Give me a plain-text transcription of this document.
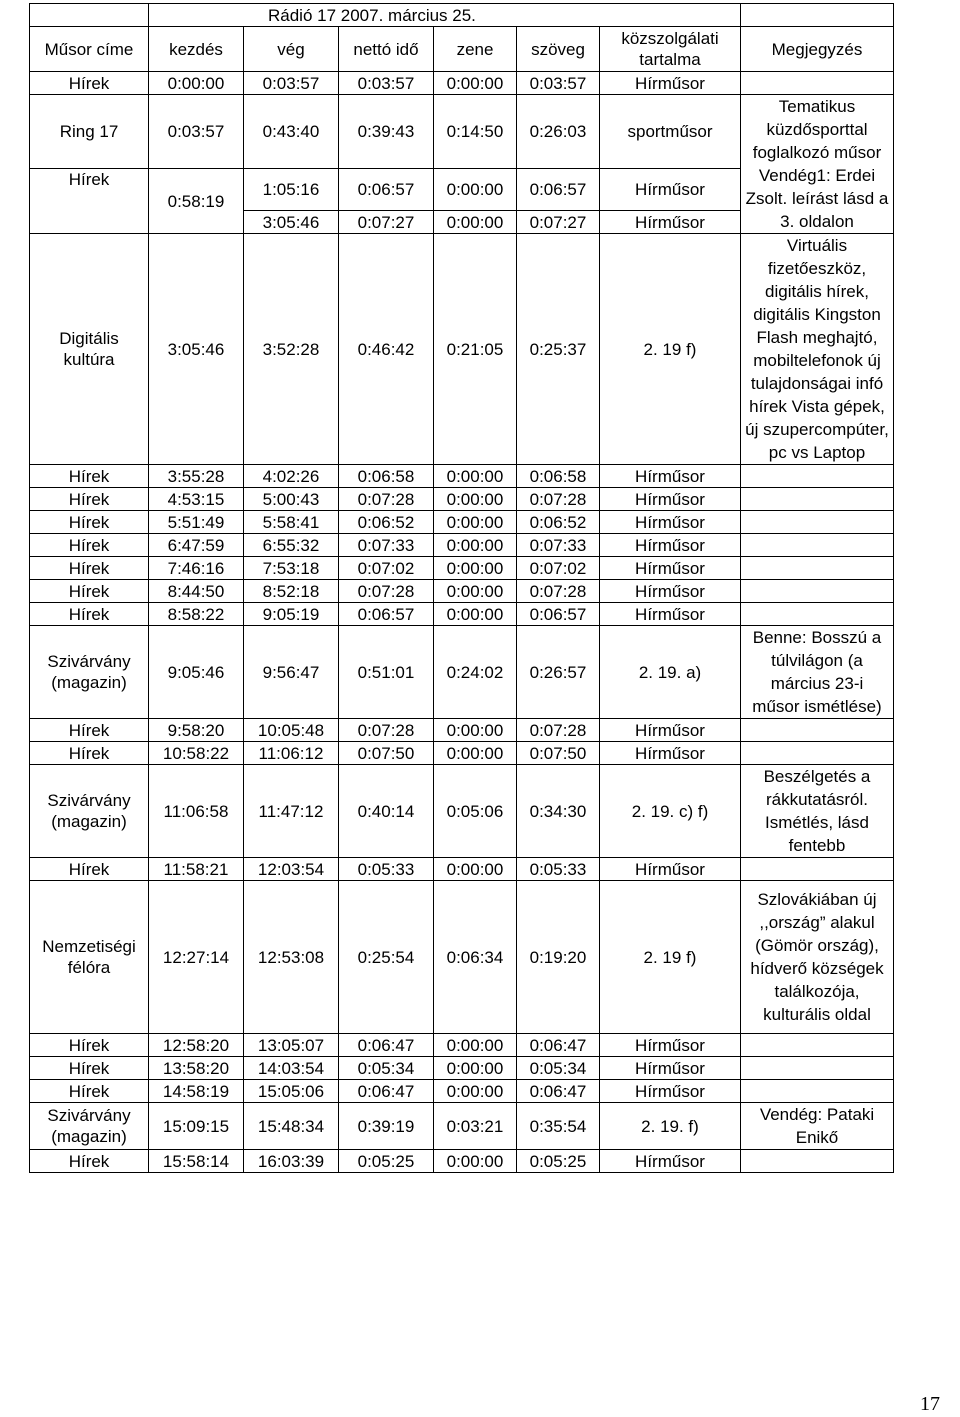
	Rádió 17 2007. március 25.						
Műsor címe	kezdés	vég	nettó idő	zene	szöveg	közszolgálati tartalma	Megjegyzés
Hírek	0:00:00	0:03:57	0:03:57	0:00:00	0:03:57	Hírműsor	
Ring 17	0:03:57	0:43:40	0:39:43	0:14:50	0:26:03	sportműsor	Tematikus küzdősporttal foglalkozó műsor Vendég1: Erdei Zsolt. leírást lásd a 3. oldalon
Hírek	0:58:19	1:05:16	0:06:57	0:00:00	0:06:57	Hírműsor	
		3:05:46	0:07:27	0:00:00	0:07:27	Hírműsor	
Digitális kultúra	3:05:46	3:52:28	0:46:42	0:21:05	0:25:37	2. 19 f)	Virtuális fizetőeszköz, digitális hírek, digitális Kingston Flash meghajtó, mobiltelefonok új tulajdonságai infó hírek Vista gépek, új szupercompúter, pc vs Laptop
Hírek	3:55:28	4:02:26	0:06:58	0:00:00	0:06:58	Hírműsor	
Hírek	4:53:15	5:00:43	0:07:28	0:00:00	0:07:28	Hírműsor	
Hírek	5:51:49	5:58:41	0:06:52	0:00:00	0:06:52	Hírműsor	
Hírek	6:47:59	6:55:32	0:07:33	0:00:00	0:07:33	Hírműsor	
Hírek	7:46:16	7:53:18	0:07:02	0:00:00	0:07:02	Hírműsor	
Hírek	8:44:50	8:52:18	0:07:28	0:00:00	0:07:28	Hírműsor	
Hírek	8:58:22	9:05:19	0:06:57	0:00:00	0:06:57	Hírműsor	
Szivárvány (magazin)	9:05:46	9:56:47	0:51:01	0:24:02	0:26:57	2. 19. a)	Benne: Bosszú a túlvilágon (a március 23-i műsor ismétlése)
Hírek	9:58:20	10:05:48	0:07:28	0:00:00	0:07:28	Hírműsor	
Hírek	10:58:22	11:06:12	0:07:50	0:00:00	0:07:50	Hírműsor	
Szivárvány (magazin)	11:06:58	11:47:12	0:40:14	0:05:06	0:34:30	2. 19. c) f)	Beszélgetés a rákkutatásról. Ismétlés, lásd fentebb
Hírek	11:58:21	12:03:54	0:05:33	0:00:00	0:05:33	Hírműsor	
Nemzetiségi félóra	12:27:14	12:53:08	0:25:54	0:06:34	0:19:20	2. 19 f)	Szlovákiában új ,,ország” alakul (Gömör ország), hídverő községek találkozója, kulturális oldal
Hírek	12:58:20	13:05:07	0:06:47	0:00:00	0:06:47	Hírműsor	
Hírek	13:58:20	14:03:54	0:05:34	0:00:00	0:05:34	Hírműsor	
Hírek	14:58:19	15:05:06	0:06:47	0:00:00	0:06:47	Hírműsor	
Szivárvány (magazin)	15:09:15	15:48:34	0:39:19	0:03:21	0:35:54	2. 19. f)	Vendég: Pataki Enikő
Hírek	15:58:14	16:03:39	0:05:25	0:00:00	0:05:25	Hírműsor	
17
